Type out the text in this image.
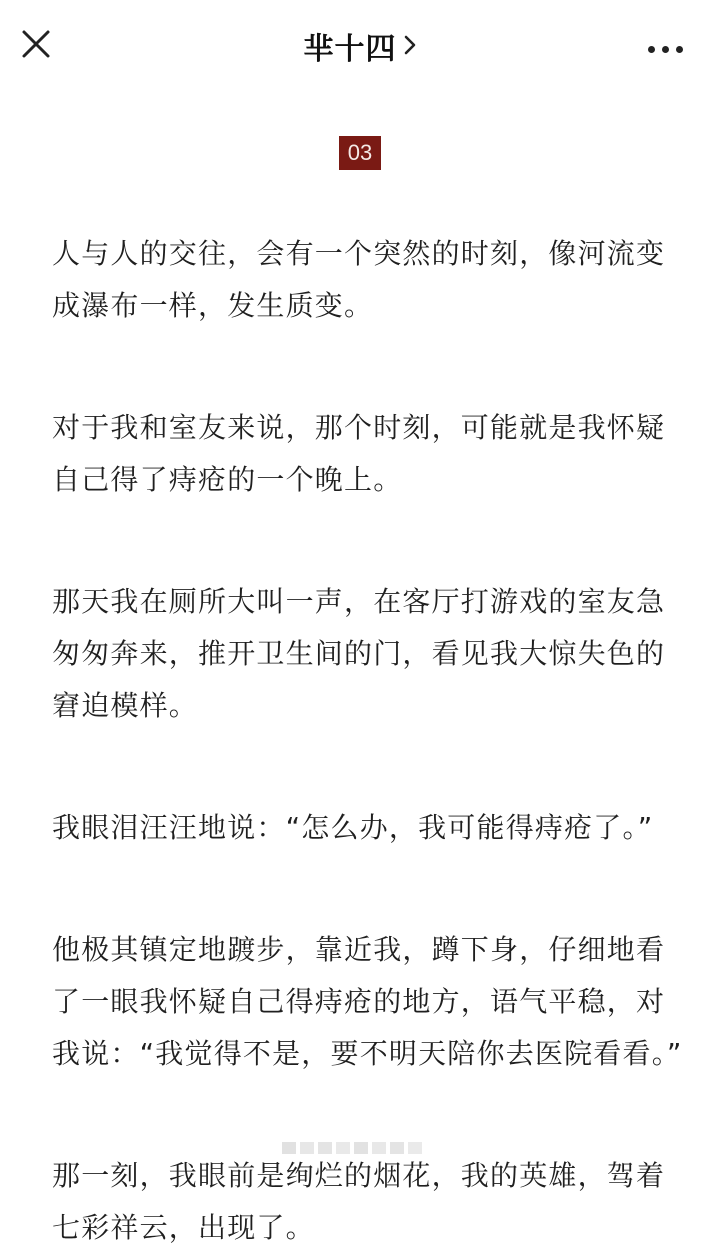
芈十四
03

人与人的交往，会有一个突然的时刻，像河流变成瀑布一样，发生质变。

对于我和室友来说，那个时刻，可能就是我怀疑自己得了痔疮的一个晚上。

那天我在厕所大叫一声，在客厅打游戏的室友急匆匆奔来，推开卫生间的门，看见我大惊失色的窘迫模样。

我眼泪汪汪地说：“怎么办，我可能得痔疮了。”

他极其镇定地踱步，靠近我，蹲下身，仔细地看了一眼我怀疑自己得痔疮的地方，语气平稳，对我说：“我觉得不是，要不明天陪你去医院看看。”

那一刻，我眼前是绚烂的烟花，我的英雄，驾着七彩祥云，出现了。
